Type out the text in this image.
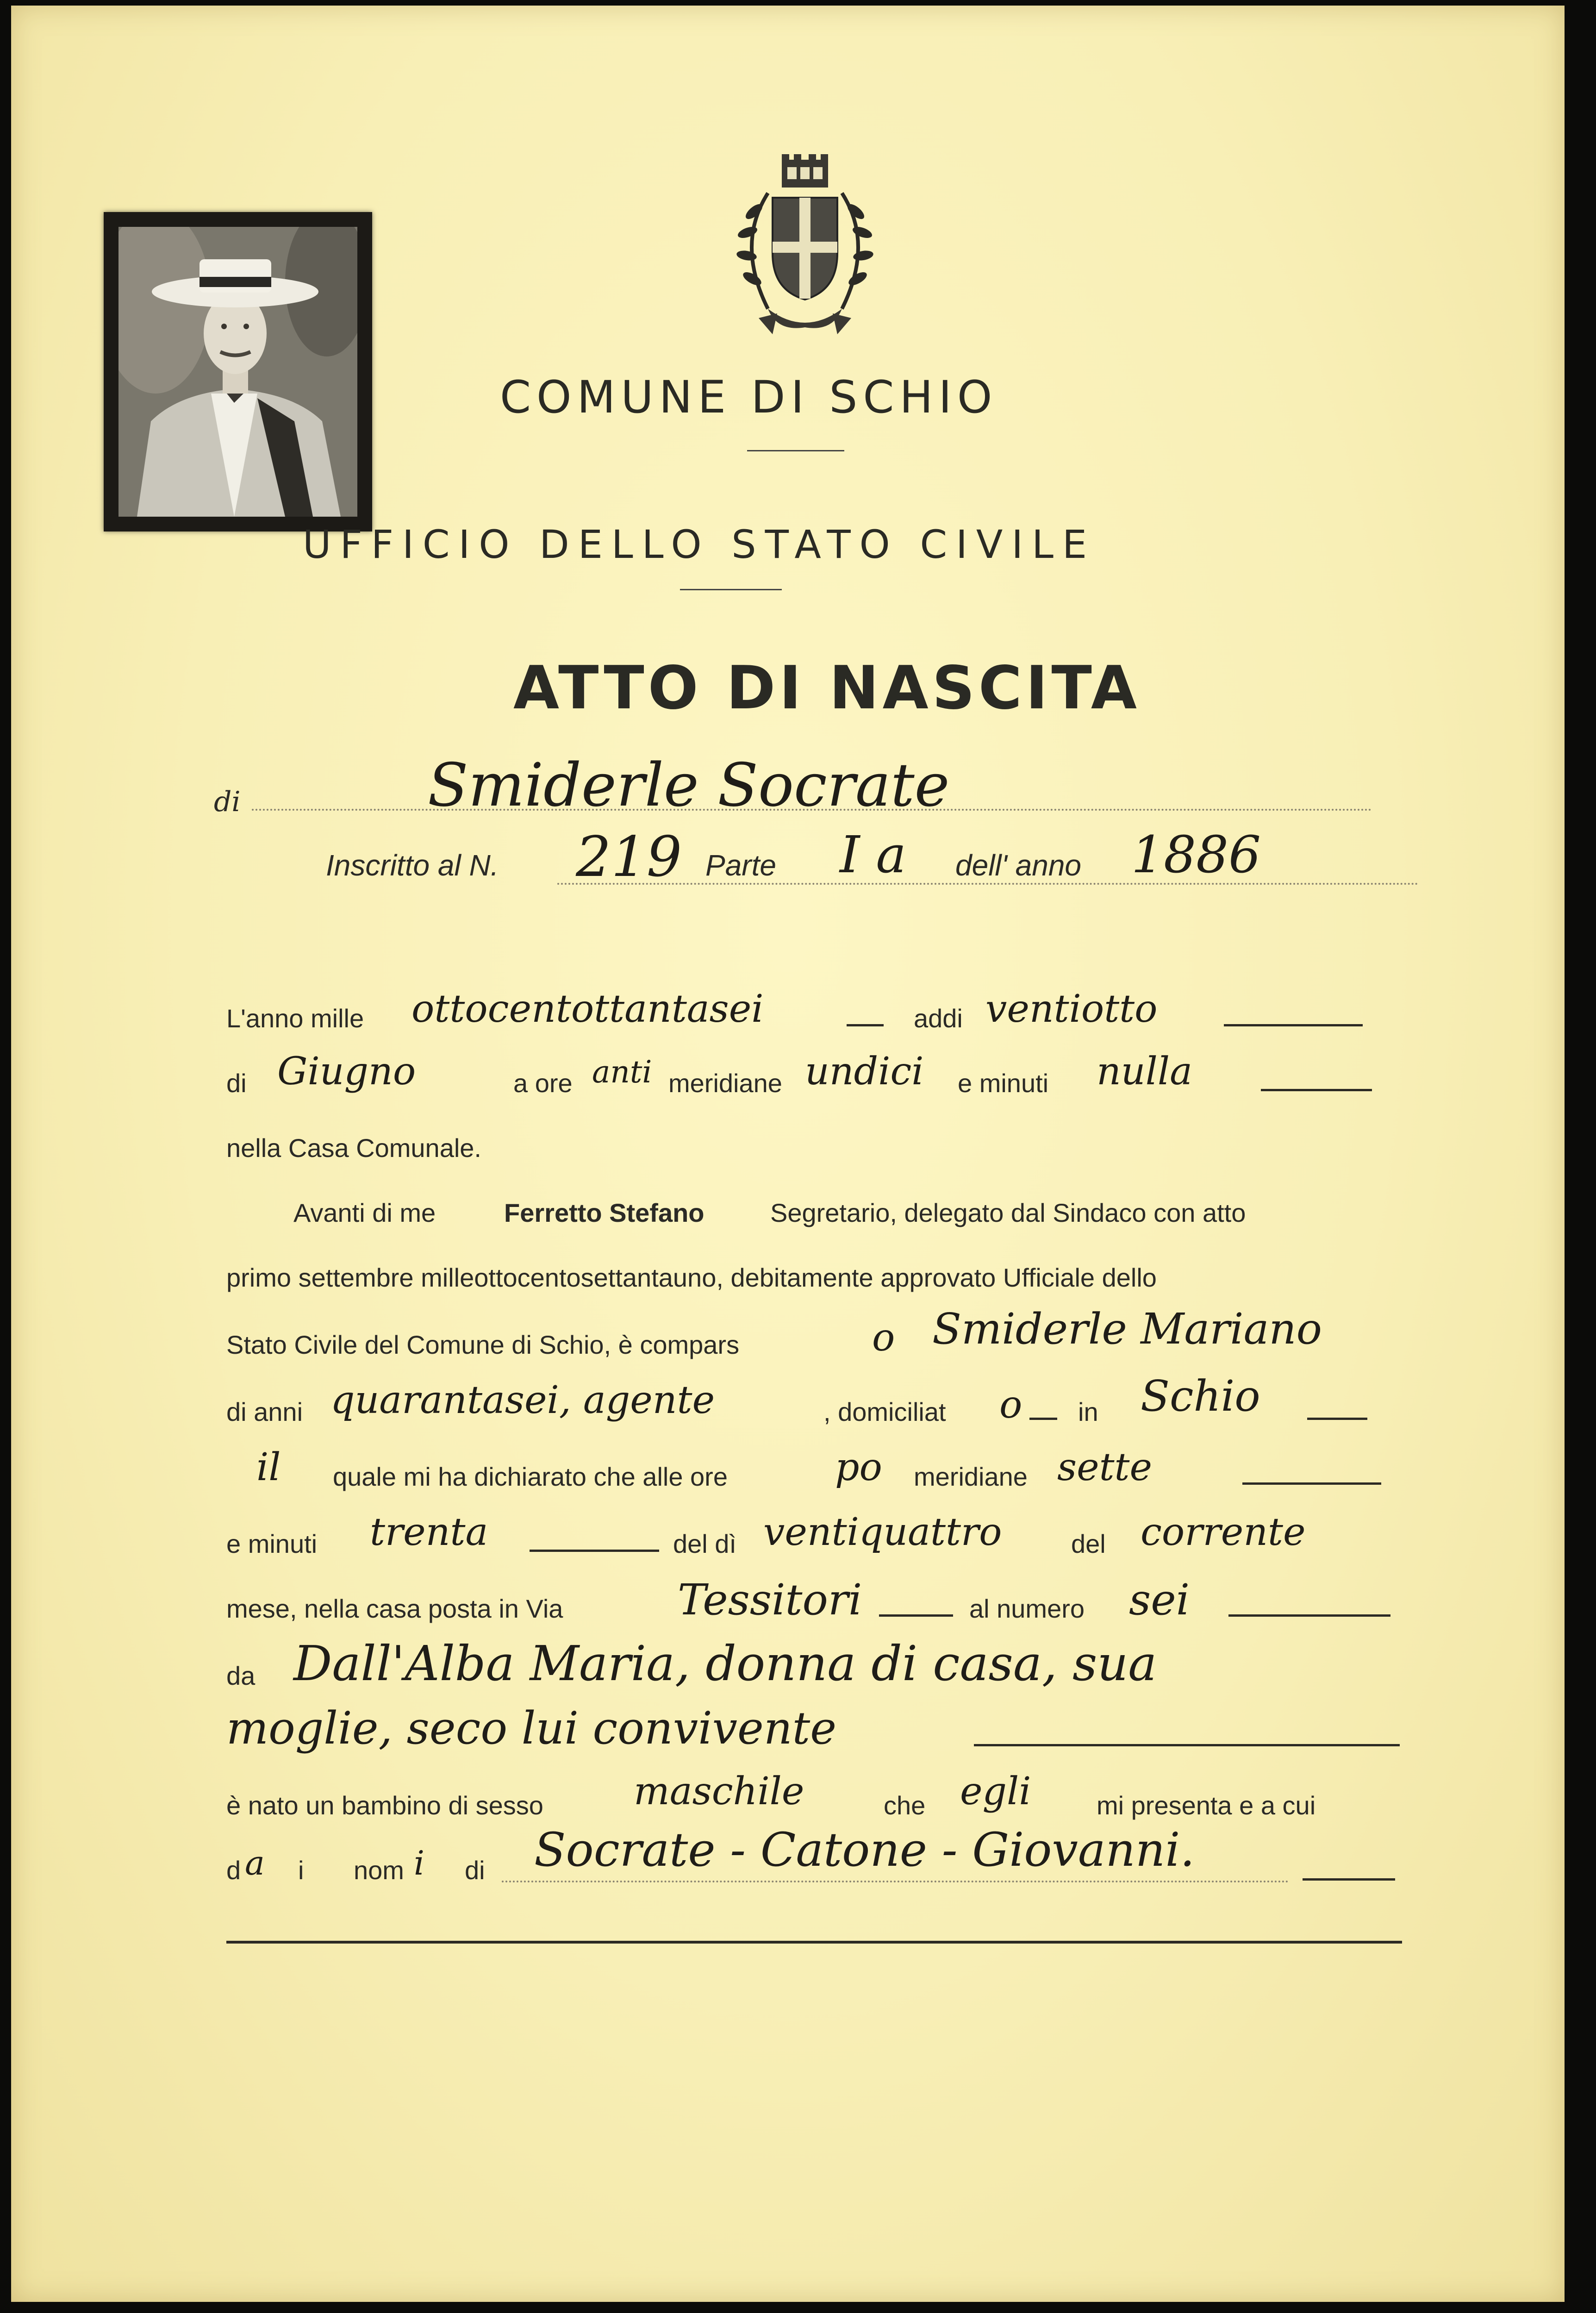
COMUNE DI SCHIO
UFFICIO DELLO STATO CIVILE
ATTO DI NASCITA
di	Smiderle Socrate
Inscritto al N. 219 Parte I a dell' anno 1886
L'anno mille ottocentottantasei	addi ventiotto
di Giugno	a ore anti meridiane undici e minuti nulla
nella Casa Comunale.
Avanti di me	Ferretto Stefano	Segretario, delegato dal Sindaco con atto
primo settembre milleottocentosettantauno, debitamente approvato Ufficiale dello
Stato Civile del Comune di Schio, è compars	o Smiderle Mariano
di anni quarantasei, agente	, domiciliat o in Schio
il quale mi ha dichiarato che alle ore	po meridiane sette
e minuti trenta	del dì ventiquattro	del corrente
mese, nella casa posta in Via	Tessitori	al numero sei
da Dall'Alba Maria, donna di casa, sua
moglie, seco lui convivente
è nato un bambino di sesso maschile	che egli	mi presenta e a cui
d a i nom i di Socrate - Catone - Giovanni.
